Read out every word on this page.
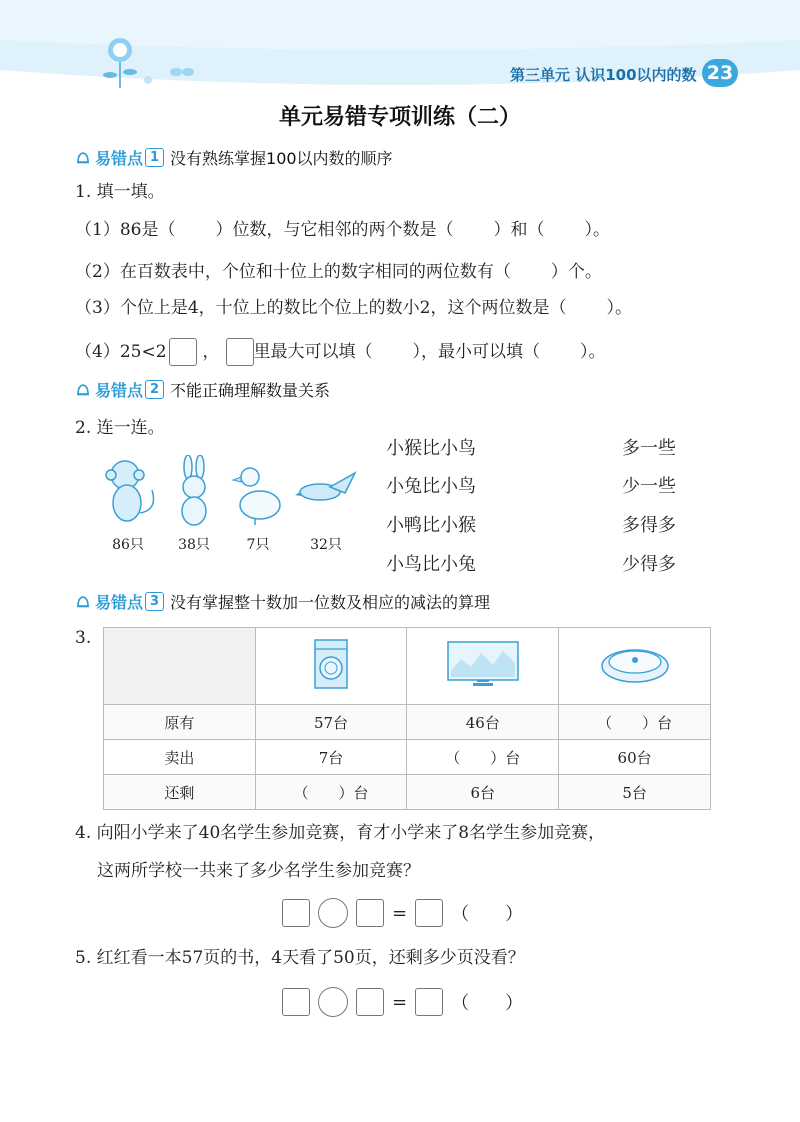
第三单元 认识100以内的数 23
单元易错专项训练（二）
易错点 1 没有熟练掌握100以内数的顺序
1. 填一填。
（1）86是（ ）位数，与它相邻的两个数是（ ）和（ ）。
（2）在百数表中，个位和十位上的数字相同的两位数有（ ）个。
（3）个位上是4，十位上的数比个位上的数小2，这个两位数是（ ）。
（4）25<2 ， 里最大可以填（ ），最小可以填（ ）。
易错点 2 不能正确理解数量关系
2. 连一连。
86只	38只	7只	32只
小猴比小鸟
小兔比小鸟
小鸭比小猴
小鸟比小兔
多一些
少一些
多得多
少得多
易错点 3 没有掌握整十数加一位数及相应的减法的算理
3.

原有	57台	46台	（　　）台
卖出	7台	（　　）台	60台
还剩	（　　）台	6台	5台
4. 向阳小学来了40名学生参加竞赛，育才小学来了8名学生参加竞赛，
这两所学校一共来了多少名学生参加竞赛？
= （　　）
5. 红红看一本57页的书，4天看了50页，还剩多少页没看？
= （　　）
